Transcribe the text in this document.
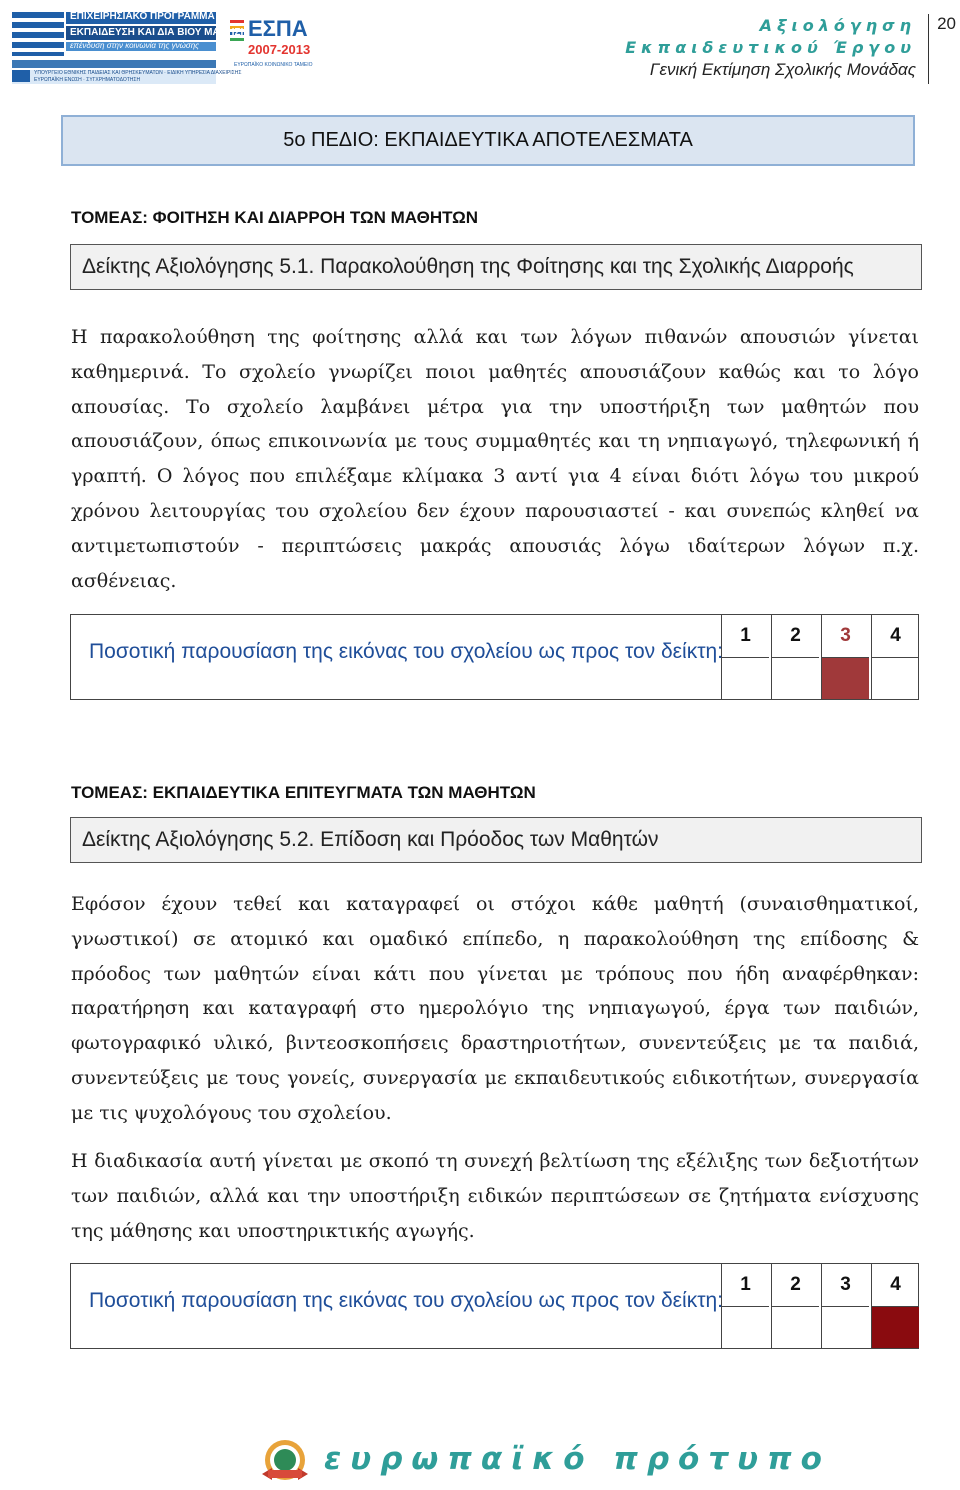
ΕΠΙΧΕΙΡΗΣΙΑΚΟ ΠΡΟΓΡΑΜΜΑ
ΕΚΠΑΙΔΕΥΣΗ ΚΑΙ ΔΙΑ ΒΙΟΥ ΜΑΘΗΣΗ
επένδυση στην κοινωνία της γνώσης
ΥΠΟΥΡΓΕΙΟ ΕΘΝΙΚΗΣ ΠΑΙΔΕΙΑΣ ΚΑΙ ΘΡΗΣΚΕΥΜΑΤΩΝ · ΕΙΔΙΚΗ ΥΠΗΡΕΣΙΑ ΔΙΑΧΕΙΡΙΣΗΣ
ΕΥΡΩΠΑΪΚΗ ΕΝΩΣΗ · ΣΥΓΧΡΗΜΑΤΟΔΟΤΗΣΗ
ΕΣΠΑ
2007-2013
ΕΥΡΩΠΑΪΚΟ ΚΟΙΝΩΝΙΚΟ ΤΑΜΕΙΟ
Αξιολόγηση
Εκπαιδευτικού Έργου
Γενική Εκτίμηση Σχολικής Μονάδας
20
5o ΠΕΔΙΟ: ΕΚΠΑΙΔΕΥΤΙΚΑ ΑΠΟΤΕΛΕΣΜΑΤΑ
ΤΟΜΕΑΣ: ΦΟΙΤΗΣΗ ΚΑΙ ΔΙΑΡΡΟΗ ΤΩΝ ΜΑΘΗΤΩΝ
Δείκτης Αξιολόγησης 5.1. Παρακολούθηση της Φοίτησης και της Σχολικής Διαρροής
Η παρακολούθηση της φοίτησης αλλά και των λόγων πιθανών απουσιών γίνεται καθημερινά. Το σχολείο γνωρίζει ποιοι μαθητές απουσιάζουν καθώς και το λόγο απουσίας. Το σχολείο λαμβάνει μέτρα για την υποστήριξη των μαθητών που απουσιάζουν, όπως επικοινωνία με τους συμμαθητές και τη νηπιαγωγό, τηλεφωνική ή γραπτή. Ο λόγος που επιλέξαμε κλίμακα 3 αντί για 4 είναι διότι λόγω του μικρού χρόνου λειτουργίας του σχολείου δεν έχουν παρουσιαστεί - και συνεπώς κληθεί να αντιμετωπιστούν - περιπτώσεις μακράς απουσιάς λόγω ιδαίτερων λόγων π.χ. ασθένειας.
Ποσοτική παρουσίαση της εικόνας του σχολείου ως προς τον δείκτη:
1	2	3	4
ΤΟΜΕΑΣ: ΕΚΠΑΙΔΕΥΤΙΚΑ ΕΠΙΤΕΥΓΜΑΤΑ ΤΩΝ ΜΑΘΗΤΩΝ
Δείκτης Αξιολόγησης 5.2. Επίδοση και Πρόοδος των Μαθητών
Εφόσον έχουν τεθεί και καταγραφεί οι στόχοι κάθε μαθητή (συναισθηματικοί, γνωστικοί) σε ατομικό και ομαδικό επίπεδο, η παρακολούθηση της επίδοσης & πρόοδος των μαθητών είναι κάτι που γίνεται με τρόπους που ήδη αναφέρθηκαν: παρατήρηση και καταγραφή στο ημερολόγιο της νηπιαγωγού, έργα των παιδιών, φωτογραφικό υλικό, βιντεοσκοπήσεις δραστηριοτήτων, συνεντεύξεις με τα παιδιά, συνεντεύξεις με τους γονείς, συνεργασία με εκπαιδευτικούς ειδικοτήτων, συνεργασία με τις ψυχολόγους του σχολείου.
Η διαδικασία αυτή γίνεται με σκοπό τη συνεχή βελτίωση της εξέλιξης των δεξιοτήτων των παιδιών, αλλά και την υποστήριξη ειδικών περιπτώσεων σε ζητήματα ενίσχυσης της μάθησης και υποστηρικτικής αγωγής.
Ποσοτική παρουσίαση της εικόνας του σχολείου ως προς τον δείκτη:
1	2	3	4
ευρωπαϊκό πρότυπο
